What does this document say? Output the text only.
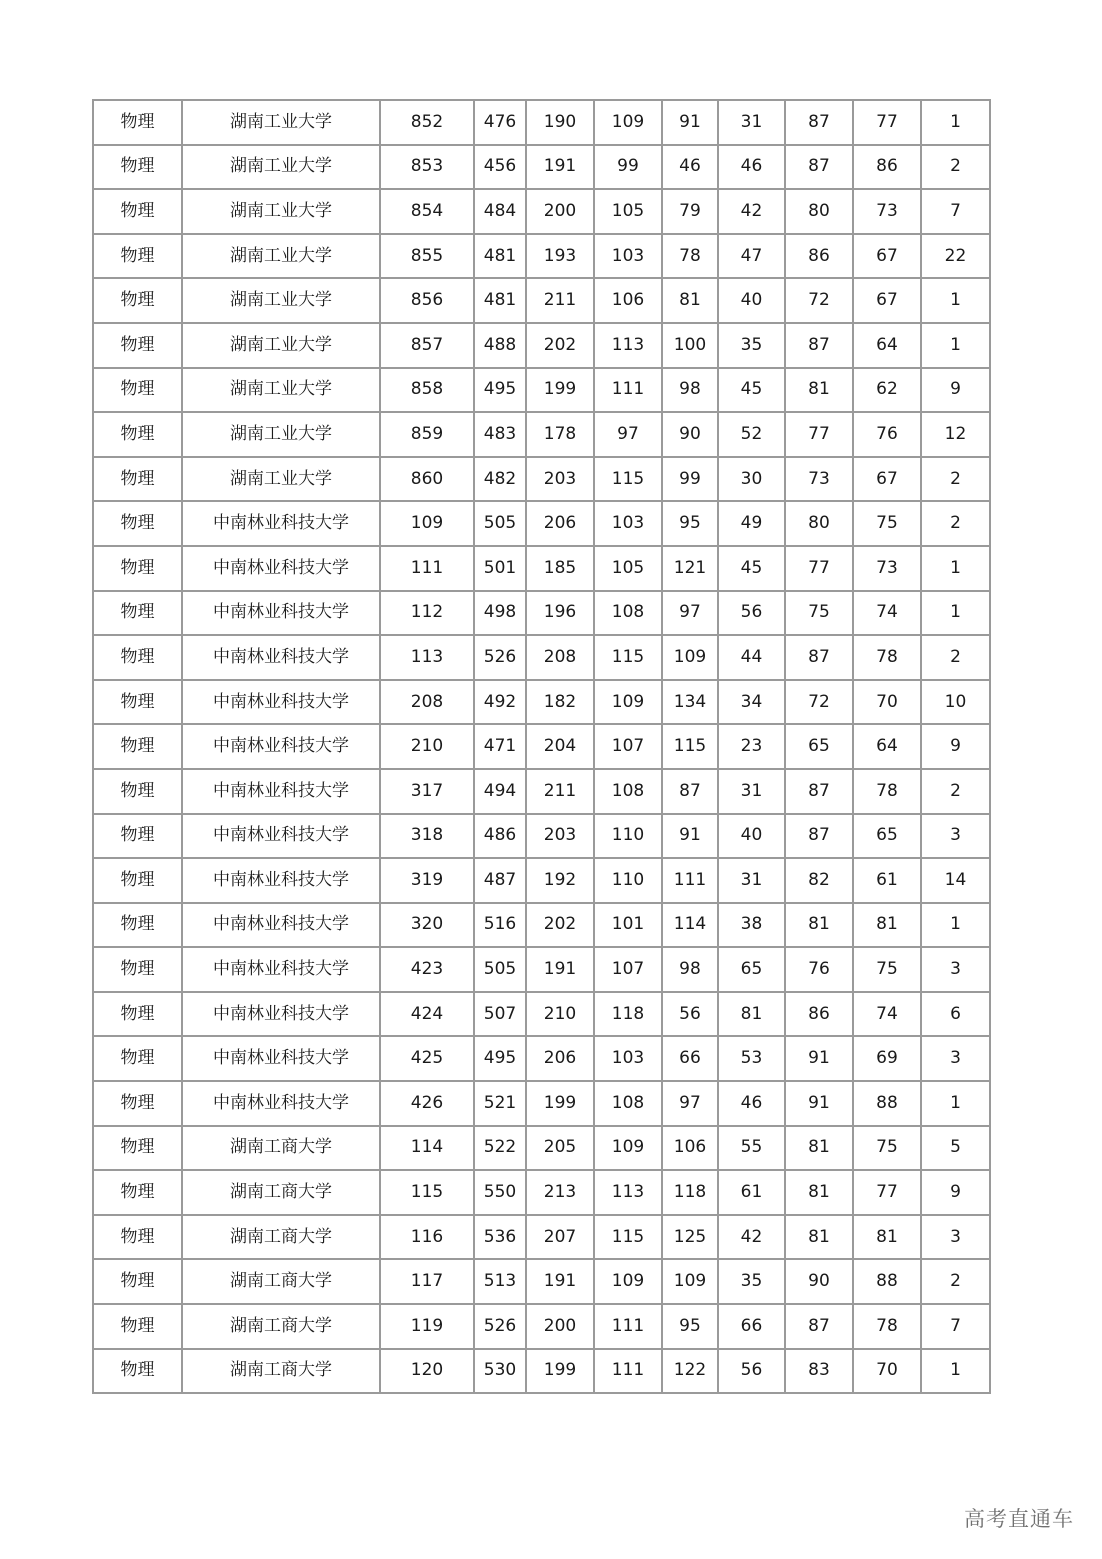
物理	湖南工业大学	852	476	190	109	91	31	87	77	1
物理	湖南工业大学	853	456	191	99	46	46	87	86	2
物理	湖南工业大学	854	484	200	105	79	42	80	73	7
物理	湖南工业大学	855	481	193	103	78	47	86	67	22
物理	湖南工业大学	856	481	211	106	81	40	72	67	1
物理	湖南工业大学	857	488	202	113	100	35	87	64	1
物理	湖南工业大学	858	495	199	111	98	45	81	62	9
物理	湖南工业大学	859	483	178	97	90	52	77	76	12
物理	湖南工业大学	860	482	203	115	99	30	73	67	2
物理	中南林业科技大学	109	505	206	103	95	49	80	75	2
物理	中南林业科技大学	111	501	185	105	121	45	77	73	1
物理	中南林业科技大学	112	498	196	108	97	56	75	74	1
物理	中南林业科技大学	113	526	208	115	109	44	87	78	2
物理	中南林业科技大学	208	492	182	109	134	34	72	70	10
物理	中南林业科技大学	210	471	204	107	115	23	65	64	9
物理	中南林业科技大学	317	494	211	108	87	31	87	78	2
物理	中南林业科技大学	318	486	203	110	91	40	87	65	3
物理	中南林业科技大学	319	487	192	110	111	31	82	61	14
物理	中南林业科技大学	320	516	202	101	114	38	81	81	1
物理	中南林业科技大学	423	505	191	107	98	65	76	75	3
物理	中南林业科技大学	424	507	210	118	56	81	86	74	6
物理	中南林业科技大学	425	495	206	103	66	53	91	69	3
物理	中南林业科技大学	426	521	199	108	97	46	91	88	1
物理	湖南工商大学	114	522	205	109	106	55	81	75	5
物理	湖南工商大学	115	550	213	113	118	61	81	77	9
物理	湖南工商大学	116	536	207	115	125	42	81	81	3
物理	湖南工商大学	117	513	191	109	109	35	90	88	2
物理	湖南工商大学	119	526	200	111	95	66	87	78	7
物理	湖南工商大学	120	530	199	111	122	56	83	70	1
高考直通车
